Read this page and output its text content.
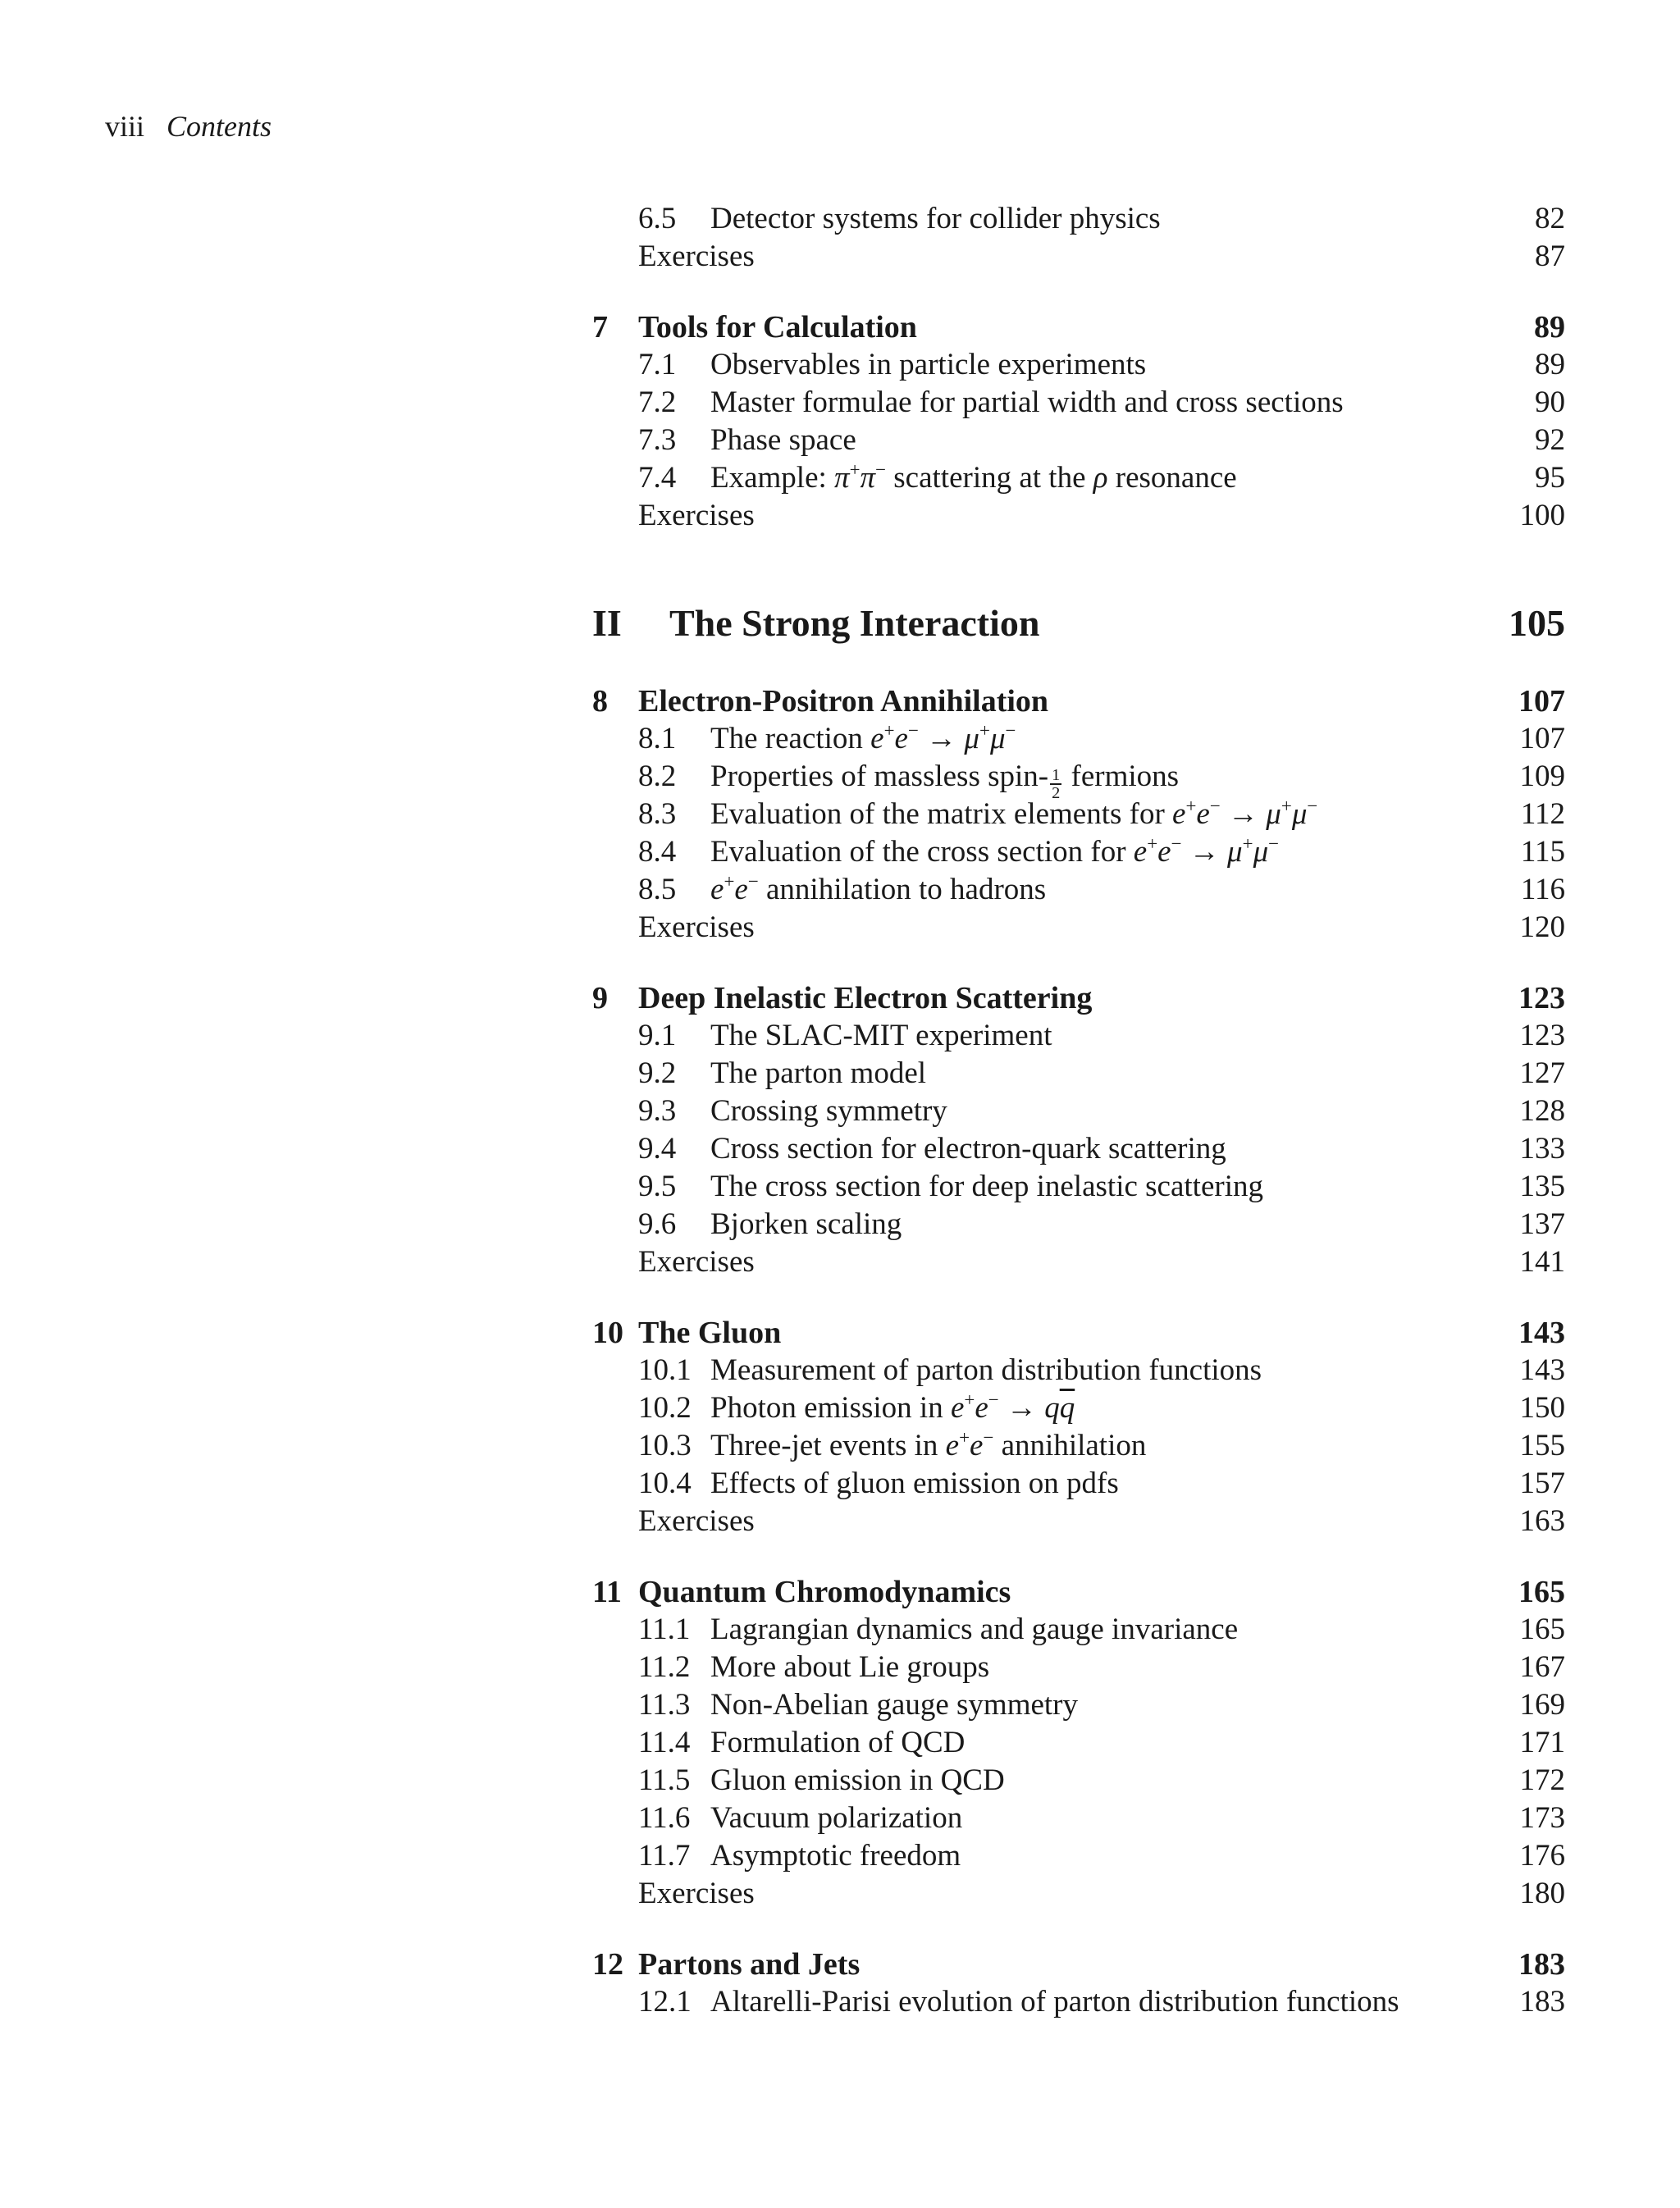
viii Contents
6.5 Detector systems for collider physics	82
Exercises	87
7 Tools for Calculation	89
7.1 Observables in particle experiments	89
7.2 Master formulae for partial width and cross sections	90
7.3 Phase space	92
7.4 Example: π+π− scattering at the ρ resonance	95
Exercises	100
II	The Strong Interaction	105
8 Electron-Positron Annihilation	107
8.1 The reaction e+e− → μ+μ−	107
8.2 Properties of massless spin- $\frac{1}{2}$ fermions	109
8.3 Evaluation of the matrix elements for e+e− → μ+μ−	112
8.4 Evaluation of the cross section for e+e− → μ+μ−	115
8.5 e+e− annihilation to hadrons	116
Exercises	120
9 Deep Inelastic Electron Scattering	123
9.1 The SLAC-MIT experiment	123
9.2 The parton model	127
9.3 Crossing symmetry	128
9.4 Cross section for electron-quark scattering	133
9.5 The cross section for deep inelastic scattering	135
9.6 Bjorken scaling	137
Exercises	141
10 The Gluon	143
10.1 Measurement of parton distribution functions	143
10.2 Photon emission in $e^+e^- \to q\overline{q}$	150
10.3 Three-jet events in e+e− annihilation	155
10.4 Effects of gluon emission on pdfs	157
Exercises	163
11 Quantum Chromodynamics	165
11.1 Lagrangian dynamics and gauge invariance	165
11.2 More about Lie groups	167
11.3 Non-Abelian gauge symmetry	169
11.4 Formulation of QCD	171
11.5 Gluon emission in QCD	172
11.6 Vacuum polarization	173
11.7 Asymptotic freedom	176
Exercises	180
12 Partons and Jets	183
12.1 Altarelli-Parisi evolution of parton distribution functions	183
